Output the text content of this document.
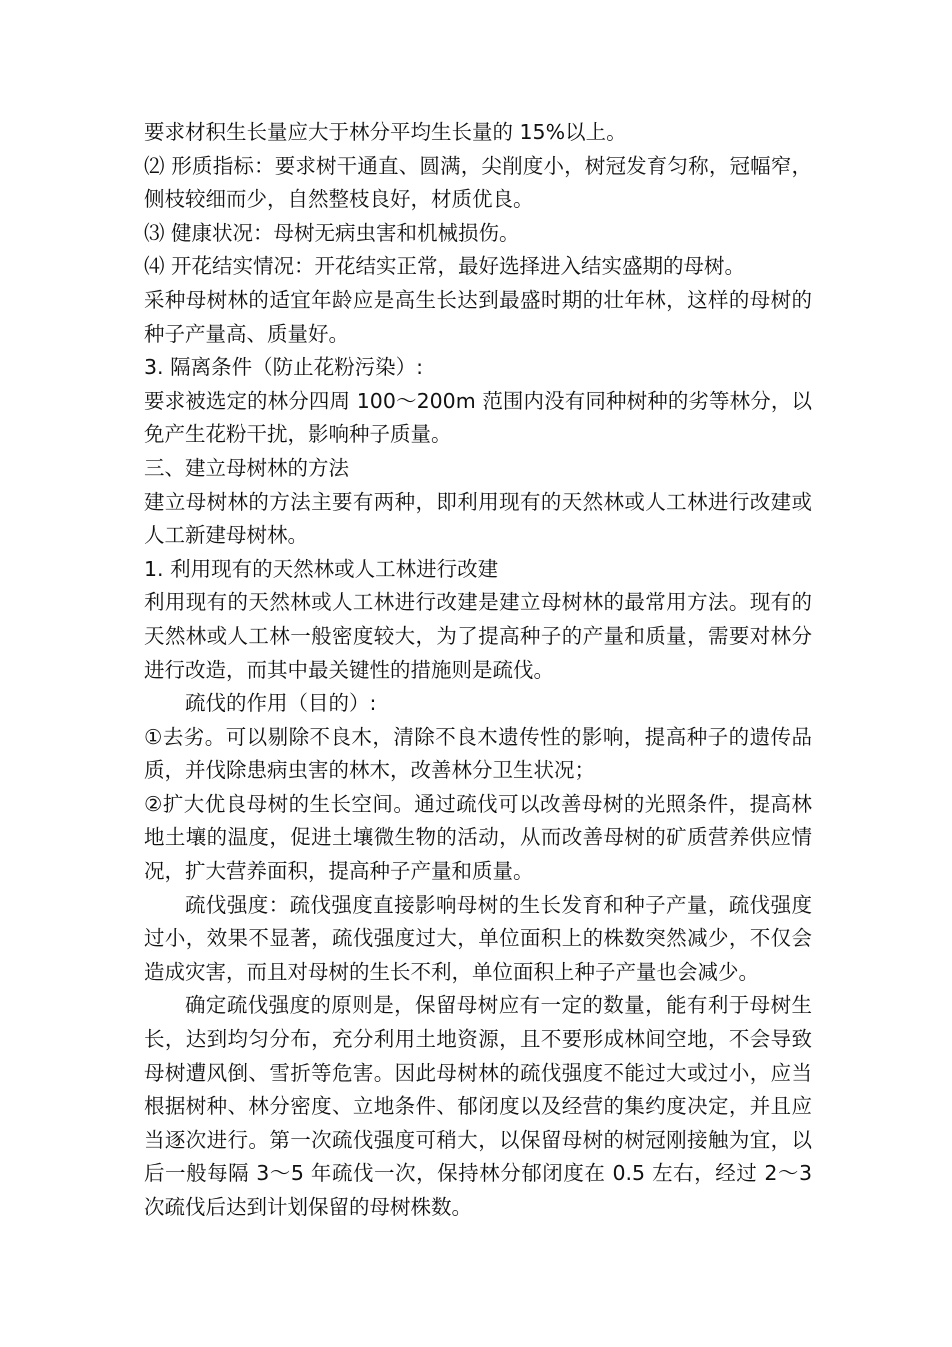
要求材积生长量应大于林分平均生长量的 15%以上。

⑵ 形质指标：要求树干通直、圆满，尖削度小，树冠发育匀称，冠幅窄，侧枝较细而少，自然整枝良好，材质优良。

⑶ 健康状况：母树无病虫害和机械损伤。

⑷ 开花结实情况：开花结实正常，最好选择进入结实盛期的母树。

采种母树林的适宜年龄应是高生长达到最盛时期的壮年林，这样的母树的种子产量高、质量好。

3. 隔离条件（防止花粉污染）:

要求被选定的林分四周 100～200m 范围内没有同种树种的劣等林分，以免产生花粉干扰，影响种子质量。

三、建立母树林的方法

建立母树林的方法主要有两种，即利用现有的天然林或人工林进行改建或人工新建母树林。

1. 利用现有的天然林或人工林进行改建

利用现有的天然林或人工林进行改建是建立母树林的最常用方法。现有的天然林或人工林一般密度较大，为了提高种子的产量和质量，需要对林分进行改造，而其中最关键性的措施则是疏伐。

疏伐的作用（目的）:

①去劣。可以剔除不良木，清除不良木遗传性的影响，提高种子的遗传品质，并伐除患病虫害的林木，改善林分卫生状况；

②扩大优良母树的生长空间。通过疏伐可以改善母树的光照条件，提高林地土壤的温度，促进土壤微生物的活动，从而改善母树的矿质营养供应情况，扩大营养面积，提高种子产量和质量。

疏伐强度：疏伐强度直接影响母树的生长发育和种子产量，疏伐强度过小，效果不显著，疏伐强度过大，单位面积上的株数突然减少，不仅会造成灾害，而且对母树的生长不利，单位面积上种子产量也会减少。

确定疏伐强度的原则是，保留母树应有一定的数量，能有利于母树生长，达到均匀分布，充分利用土地资源，且不要形成林间空地，不会导致母树遭风倒、雪折等危害。因此母树林的疏伐强度不能过大或过小，应当根据树种、林分密度、立地条件、郁闭度以及经营的集约度决定，并且应当逐次进行。第一次疏伐强度可稍大，以保留母树的树冠刚接触为宜，以后一般每隔 3～5 年疏伐一次，保持林分郁闭度在 0.5 左右，经过 2～3 次疏伐后达到计划保留的母树株数。
